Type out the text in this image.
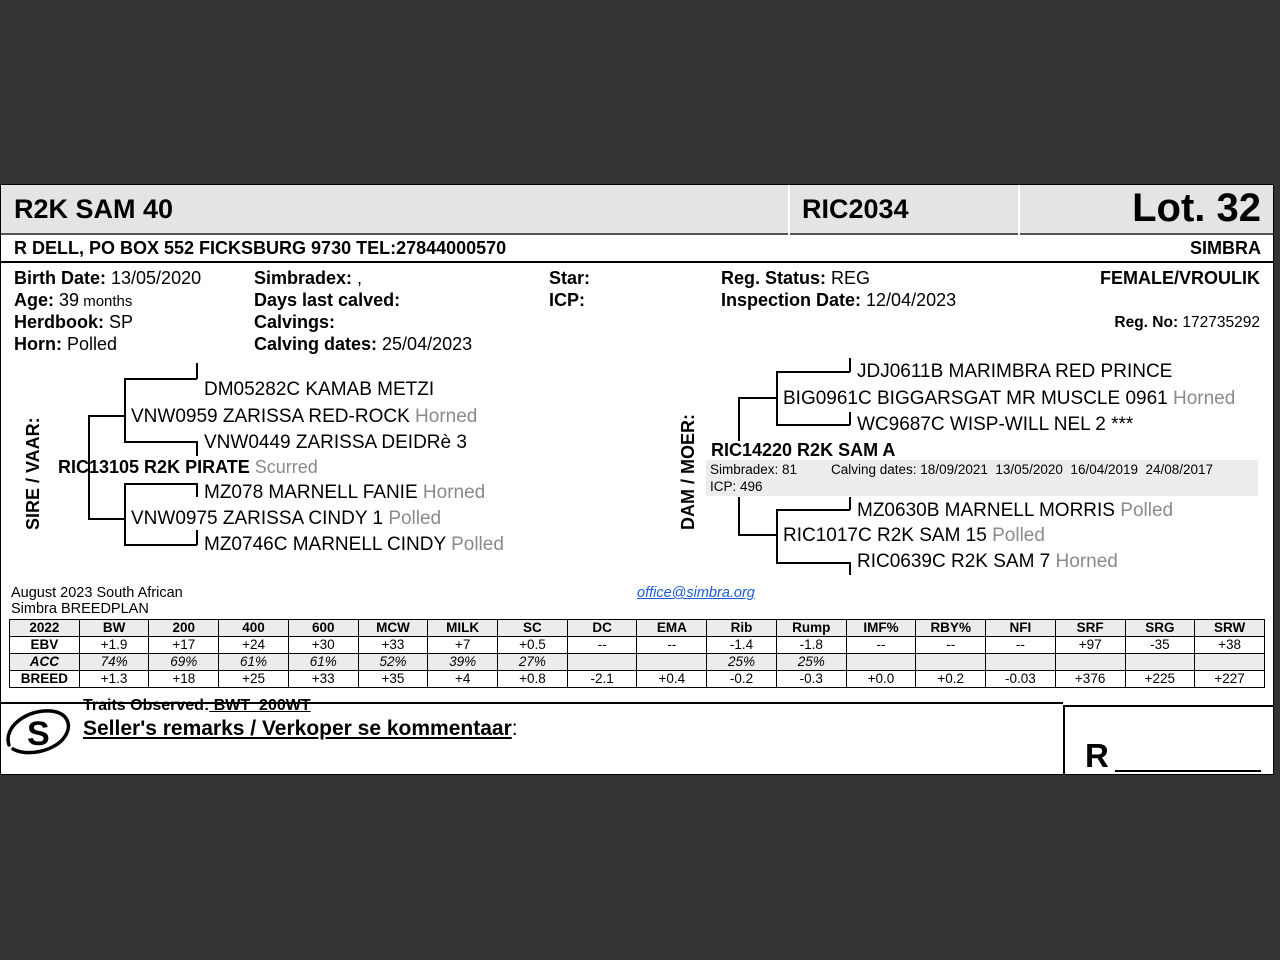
R2K SAM 40	RIC2034	Lot. 32
R DELL, PO BOX 552 FICKSBURG 9730 TEL:27844000570	SIMBRA
Birth Date: 13/05/2020
Age: 39 months
Herdbook: SP
Horn: Polled
Simbradex: ,
Days last calved:
Calvings:
Calving dates: 25/04/2023
Star:
ICP:
Reg. Status: REG
Inspection Date: 12/04/2023
FEMALE/VROULIK
Reg. No: 172735292
SIRE / VAAR:
DM05282C KAMAB METZI
VNW0959 ZARISSA RED-ROCK Horned
VNW0449 ZARISSA DEIDRè 3
RIC13105 R2K PIRATE Scurred
MZ078 MARNELL FANIE Horned
VNW0975 ZARISSA CINDY 1 Polled
MZ0746C MARNELL CINDY Polled
DAM / MOER:
JDJ0611B MARIMBRA RED PRINCE
BIG0961C BIGGARSGAT MR MUSCLE 0961 Horned
WC9687C WISP-WILL NEL 2 ***
RIC14220 R2K SAM A
Simbradex: 81	Calving dates: 18/09/2021  13/05/2020  16/04/2019  24/08/2017
ICP: 496
MZ0630B MARNELL MORRIS Polled
RIC1017C R2K SAM 15 Polled
RIC0639C R2K SAM 7 Horned
August 2023 South African
Simbra BREEDPLAN
office@simbra.org
2022	BW	200	400	600	MCW	MILK	SC	DC	EMA	Rib	Rump	IMF%	RBY%	NFI	SRF	SRG	SRW
EBV	+1.9	+17	+24	+30	+33	+7	+0.5	--	--	-1.4	-1.8	--	--	--	+97	-35	+38
ACC	74%	69%	61%	61%	52%	39%	27%			25%	25%						
BREED	+1.3	+18	+25	+33	+35	+4	+0.8	-2.1	+0.4	-0.2	-0.3	+0.0	+0.2	-0.03	+376	+225	+227
S
Traits Observed: BWT  200WT
Seller's remarks / Verkoper se kommentaar:
R
